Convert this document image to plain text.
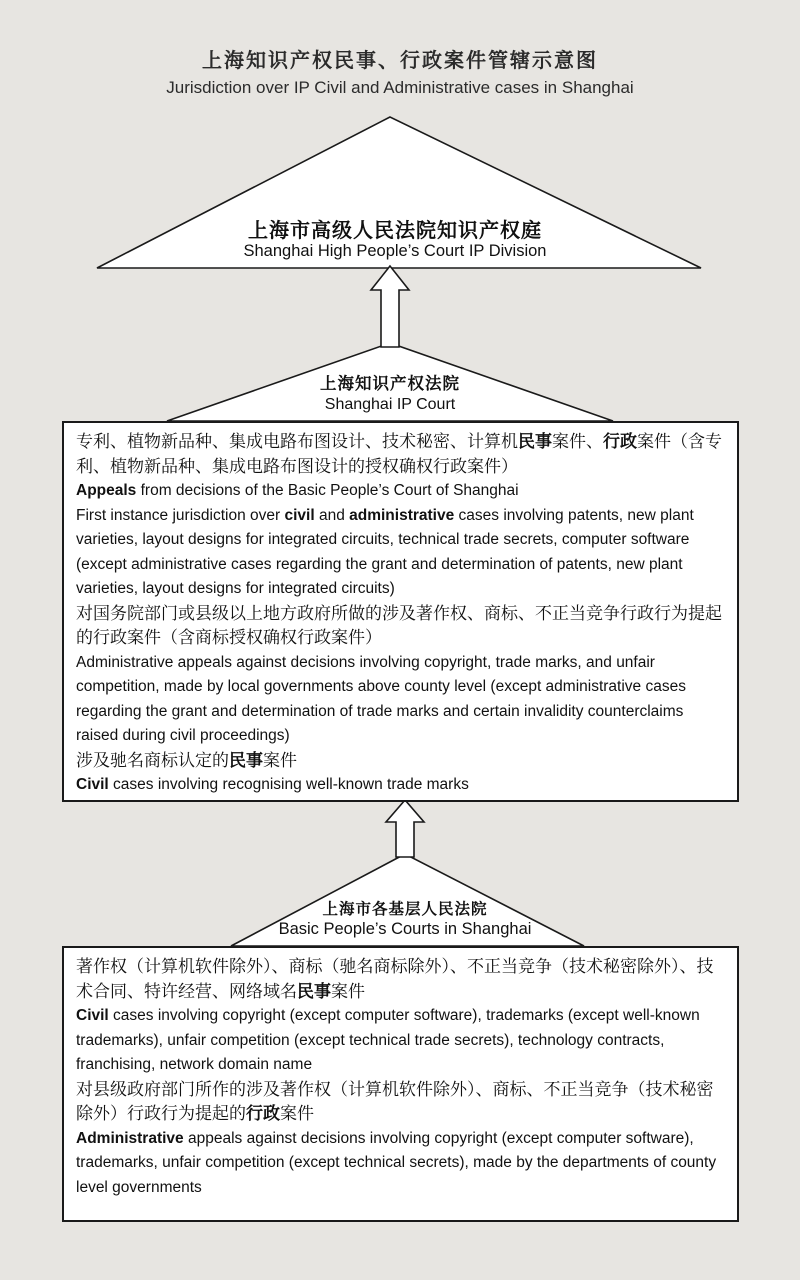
上海知识产权民事、行政案件管辖示意图
Jurisdiction over IP Civil and Administrative cases in Shanghai
上海市高级人民法院知识产权庭
Shanghai High People’s Court IP Division
上海知识产权法院
Shanghai IP Court

专利、植物新品种、集成电路布图设计、技术秘密、计算机民事案件、行政案件（含专利、植物新品种、集成电路布图设计的授权确权行政案件）

Appeals from decisions of the Basic People’s Court of Shanghai

First instance jurisdiction over civil and administrative cases involving patents, new plant varieties, layout designs for integrated circuits, technical trade secrets, computer software (except administrative cases regarding the grant and determination of patents, new plant varieties, layout designs for integrated circuits)

对国务院部门或县级以上地方政府所做的涉及著作权、商标、不正当竞争行政行为提起的行政案件（含商标授权确权行政案件）

Administrative appeals against decisions involving copyright, trade marks, and unfair competition, made by local governments above county level (except administrative cases regarding the grant and determination of trade marks and certain invalidity counterclaims raised during civil proceedings)

涉及驰名商标认定的民事案件

Civil cases involving recognising well-known trade marks

上海市各基层人民法院
Basic People’s Courts in Shanghai

著作权（计算机软件除外）、商标（驰名商标除外）、不正当竞争（技术秘密除外）、技术合同、特许经营、网络域名民事案件

Civil cases involving copyright (except computer software), trademarks (except well-known trademarks), unfair competition (except technical trade secrets), technology contracts, franchising, network domain name

对县级政府部门所作的涉及著作权（计算机软件除外）、商标、不正当竞争（技术秘密除外）行政行为提起的行政案件

Administrative appeals against decisions involving copyright (except computer software), trademarks, unfair competition (except technical secrets), made by the departments of county level governments
